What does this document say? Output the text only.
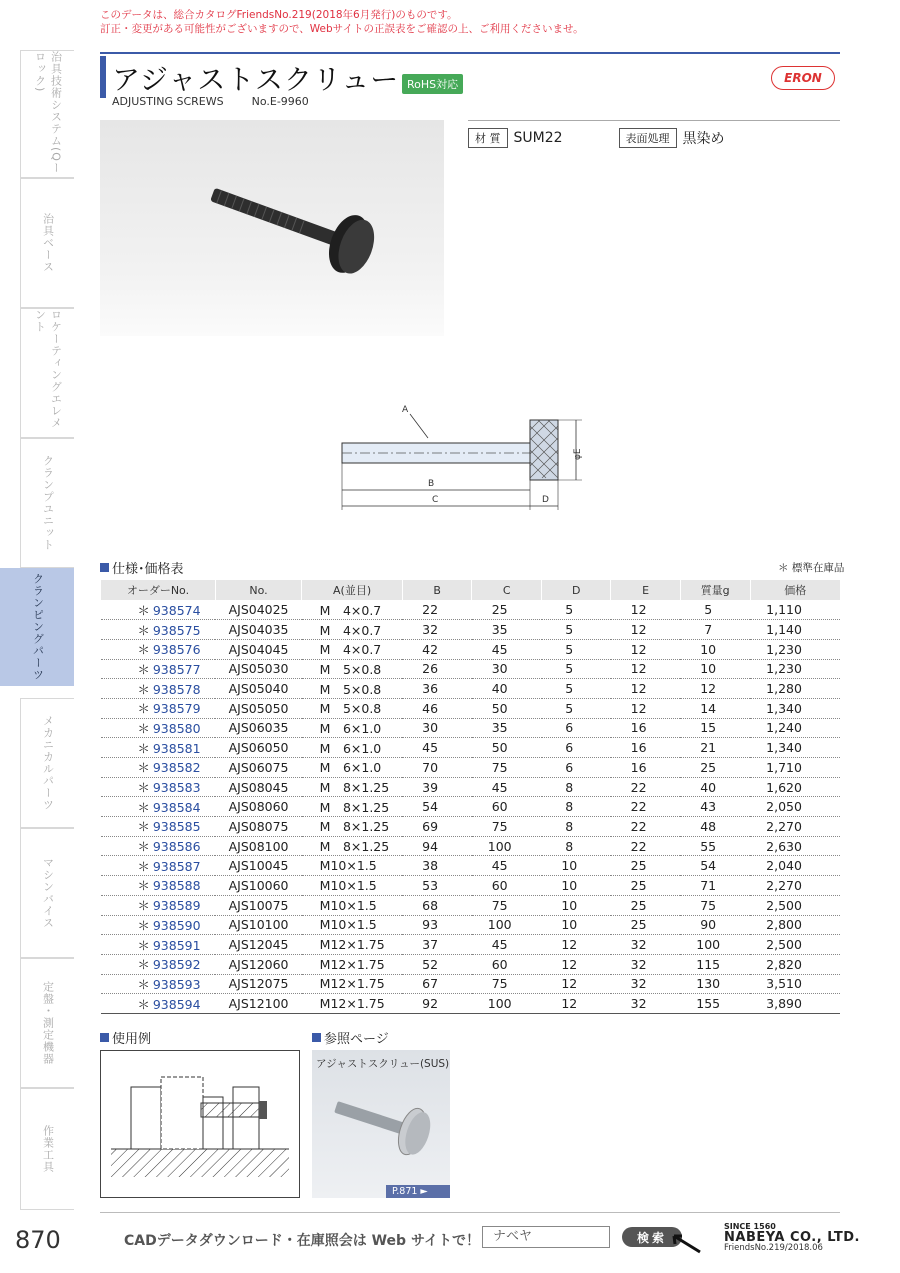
このデータは、総合カタログFriendsNo.219(2018年6月発行)のものです。
訂正・変更がある可能性がございますので、Webサイトの正誤表をご確認の上、ご利用くださいませ。
治具技術システム(Qーロック)
治具ベース
ロケーティングエレメント
クランプユニット
クランピングパーツ
メカニカルパーツ
マシンバイス
定盤・測定機器
作業工具
アジャストスクリュー RoHS対応
ADJUSTING SCREWS	No.E-9960
ERON
材 質 SUM22	表面処理 黒染め
A
φE
B
C	D
仕様･価格表	＊ 標準在庫品
オーダーNo.	No.	A(並目)	B	C	D	E	質量g	価格
＊ 938574	AJS04025	M　4×0.7	22	25	5	12	5	1,110
＊ 938575	AJS04035	M　4×0.7	32	35	5	12	7	1,140
＊ 938576	AJS04045	M　4×0.7	42	45	5	12	10	1,230
＊ 938577	AJS05030	M　5×0.8	26	30	5	12	10	1,230
＊ 938578	AJS05040	M　5×0.8	36	40	5	12	12	1,280
＊ 938579	AJS05050	M　5×0.8	46	50	5	12	14	1,340
＊ 938580	AJS06035	M　6×1.0	30	35	6	16	15	1,240
＊ 938581	AJS06050	M　6×1.0	45	50	6	16	21	1,340
＊ 938582	AJS06075	M　6×1.0	70	75	6	16	25	1,710
＊ 938583	AJS08045	M　8×1.25	39	45	8	22	40	1,620
＊ 938584	AJS08060	M　8×1.25	54	60	8	22	43	2,050
＊ 938585	AJS08075	M　8×1.25	69	75	8	22	48	2,270
＊ 938586	AJS08100	M　8×1.25	94	100	8	22	55	2,630
＊ 938587	AJS10045	M10×1.5	38	45	10	25	54	2,040
＊ 938588	AJS10060	M10×1.5	53	60	10	25	71	2,270
＊ 938589	AJS10075	M10×1.5	68	75	10	25	75	2,500
＊ 938590	AJS10100	M10×1.5	93	100	10	25	90	2,800
＊ 938591	AJS12045	M12×1.75	37	45	12	32	100	2,500
＊ 938592	AJS12060	M12×1.75	52	60	12	32	115	2,820
＊ 938593	AJS12075	M12×1.75	67	75	12	32	130	3,510
＊ 938594	AJS12100	M12×1.75	92	100	12	32	155	3,890
使用例	参照ページ
アジャストスクリュー(SUS)
P.871 ►
870	CADデータダウンロード・在庫照会は Web サイトで！	ナベヤ	検索
SINCE 1560
NABEYA CO., LTD.
FriendsNo.219/2018.06
